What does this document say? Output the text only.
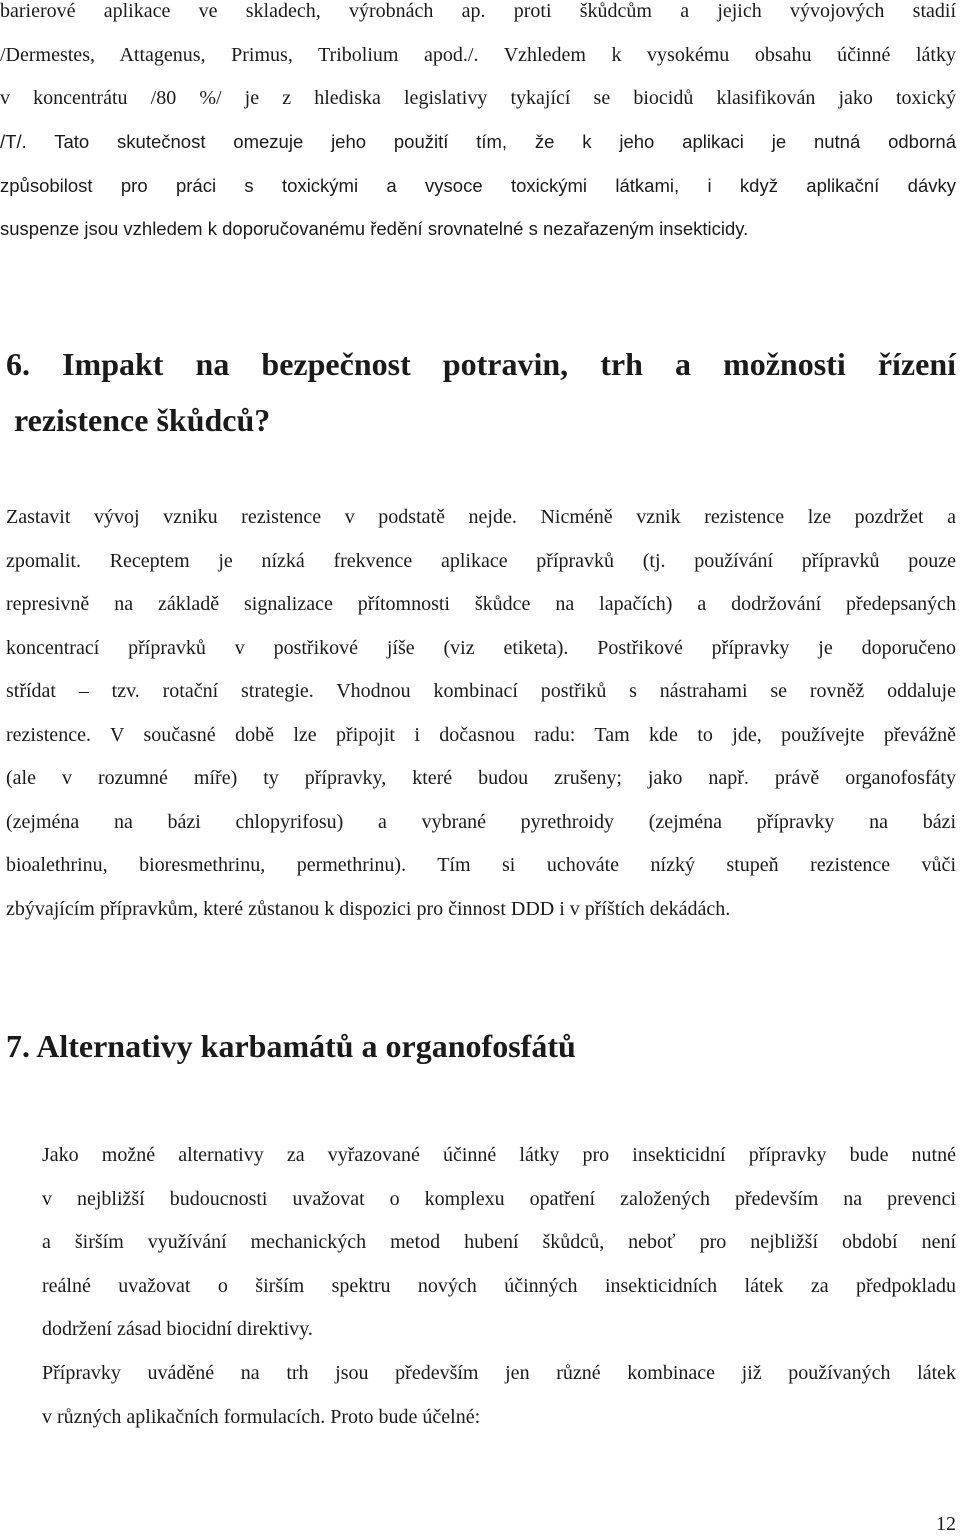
barierové aplikace ve skladech, výrobnách ap. proti škůdcům a jejich vývojových stadií
/Dermestes, Attagenus, Primus, Tribolium apod./. Vzhledem k vysokému obsahu účinné látky
v koncentrátu /80 %/ je z hlediska legislativy tykající se biocidů klasifikován jako toxický
/T/. Tato skutečnost omezuje jeho použití tím, že k jeho aplikaci je nutná odborná
způsobilost pro práci s toxickými a vysoce toxickými látkami, i když aplikační dávky
suspenze jsou vzhledem k doporučovanému ředění srovnatelné s nezařazeným insekticidy.
6. Impakt na bezpečnost potravin, trh a možnosti řízení
rezistence škůdců?
Zastavit vývoj vzniku rezistence v podstatě nejde. Nicméně vznik rezistence lze pozdržet a
zpomalit. Receptem je nízká frekvence aplikace přípravků (tj. používání přípravků pouze
represivně na základě signalizace přítomnosti škůdce na lapačích) a dodržování předepsaných
koncentrací přípravků v postřikové jíše (viz etiketa). Postřikové přípravky je doporučeno
střídat – tzv. rotační strategie. Vhodnou kombinací postřiků s nástrahami se rovněž oddaluje
rezistence. V současné době lze připojit i dočasnou radu: Tam kde to jde, používejte převážně
(ale v rozumné míře) ty přípravky, které budou zrušeny; jako např. právě organofosfáty
(zejména na bázi chlopyrifosu) a vybrané pyrethroidy (zejména přípravky na bázi
bioalethrinu, bioresmethrinu, permethrinu). Tím si uchováte nízký stupeň rezistence vůči
zbývajícím přípravkům, které zůstanou k dispozici pro činnost DDD i v příštích dekádách.
7. Alternativy karbamátů a organofosfátů
Jako možné alternativy za vyřazované účinné látky pro insekticidní přípravky bude nutné
v nejbližší budoucnosti uvažovat o komplexu opatření založených především na prevenci
a širším využívání mechanických metod hubení škůdců, neboť pro nejbližší období není
reálné uvažovat o širším spektru nových účinných insekticidních látek za předpokladu
dodržení zásad biocidní direktivy.
Přípravky uváděné na trh jsou především jen různé kombinace již používaných látek
v různých aplikačních formulacích. Proto bude účelné:
12
